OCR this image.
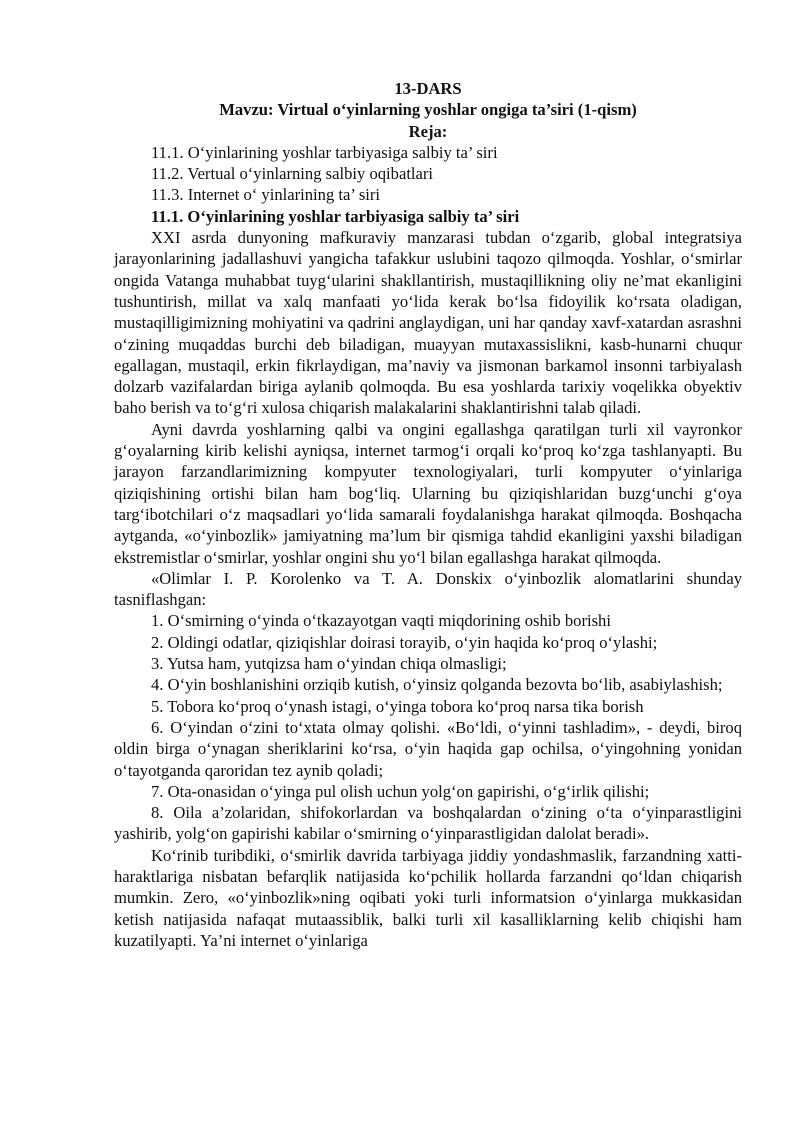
13-DARS

Mavzu: Virtual o‘yinlarning yoshlar ongiga ta’siri (1-qism)

Reja:

11.1. O‘yinlarining yoshlar tarbiyasiga salbiy ta’ siri

11.2. Vertual o‘yinlarning salbiy oqibatlari

11.3. Internet o‘ yinlarining ta’ siri

11.1. O‘yinlarining yoshlar tarbiyasiga salbiy ta’ siri

XXI asrda dunyoning mafkuraviy manzarasi tubdan o‘zgarib, global integratsiya jarayonlarining jadallashuvi yangicha tafakkur uslubini taqozo qilmoqda. Yoshlar, o‘smirlar ongida Vatanga muhabbat tuyg‘ularini shakllantirish, mustaqillikning oliy ne’mat ekanligini tushuntirish, millat va xalq manfaati yo‘lida kerak bo‘lsa fidoyilik ko‘rsata oladigan, mustaqilligimizning mohiyatini va qadrini anglaydigan, uni har qanday xavf-xatardan asrashni o‘zining muqaddas burchi deb biladigan, muayyan mutaxassislikni, kasb-hunarni chuqur egallagan, mustaqil, erkin fikrlaydigan, ma’naviy va jismonan barkamol insonni tarbiyalash dolzarb vazifalardan biriga aylanib qolmoqda. Bu esa yoshlarda tarixiy voqelikka obyektiv baho berish va to‘g‘ri xulosa chiqarish malakalarini shaklantirishni talab qiladi.

Ayni davrda yoshlarning qalbi va ongini egallashga qaratilgan turli xil vayronkor g‘oyalarning kirib kelishi ayniqsa, internet tarmog‘i orqali ko‘proq ko‘zga tashlanyapti. Bu jarayon farzandlarimizning kompyuter texnologiyalari, turli kompyuter o‘yinlariga qiziqishining ortishi bilan ham bog‘liq. Ularning bu qiziqishlaridan buzg‘unchi g‘oya targ‘ibotchilari o‘z maqsadlari yo‘lida samarali foydalanishga harakat qilmoqda. Boshqacha aytganda, «o‘yinbozlik» jamiyatning ma’lum bir qismiga tahdid ekanligini yaxshi biladigan ekstremistlar o‘smirlar, yoshlar ongini shu yo‘l bilan egallashga harakat qilmoqda.

«Olimlar I. P. Korolenko va T. A. Donskix o‘yinbozlik alomatlarini shunday tasniflashgan:

1. O‘smirning o‘yinda o‘tkazayotgan vaqti miqdorining oshib borishi

2. Oldingi odatlar, qiziqishlar doirasi torayib, o‘yin haqida ko‘proq o‘ylashi;

3. Yutsa ham, yutqizsa ham o‘yindan chiqa olmasligi;

4. O‘yin boshlanishini orziqib kutish, o‘yinsiz qolganda bezovta bo‘lib, asabiylashish;

5. Tobora ko‘proq o‘ynash istagi, o‘yinga tobora ko‘proq narsa tika borish

6. O‘yindan o‘zini to‘xtata olmay qolishi. «Bo‘ldi, o‘yinni tashladim», - deydi, biroq oldin birga o‘ynagan sheriklarini ko‘rsa, o‘yin haqida gap ochilsa, o‘yingohning yonidan o‘tayotganda qaroridan tez aynib qoladi;

7. Ota-onasidan o‘yinga pul olish uchun yolg‘on gapirishi, o‘g‘irlik qilishi;

8. Oila a’zolaridan, shifokorlardan va boshqalardan o‘zining o‘ta o‘yinparastligini yashirib, yolg‘on gapirishi kabilar o‘smirning o‘yinparastligidan dalolat beradi».

Ko‘rinib turibdiki, o‘smirlik davrida tarbiyaga jiddiy yondashmaslik, farzandning xatti-haraktlariga nisbatan befarqlik natijasida ko‘pchilik hollarda farzandni qo‘ldan chiqarish mumkin. Zero, «o‘yinbozlik»ning oqibati yoki turli informatsion o‘yinlarga mukkasidan ketish natijasida nafaqat mutaassiblik, balki turli xil kasalliklarning kelib chiqishi ham kuzatilyapti. Ya’ni internet o‘yinlariga
